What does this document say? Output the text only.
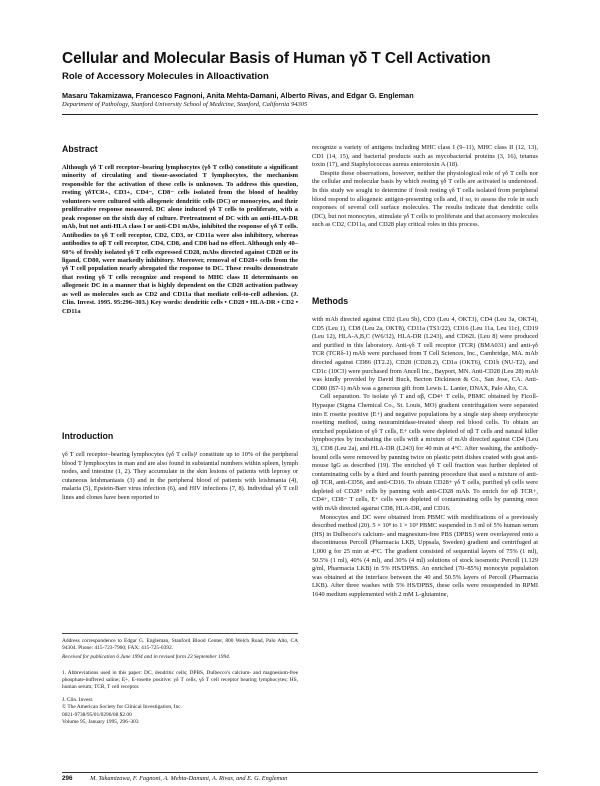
Cellular and Molecular Basis of Human γδ T Cell Activation
Role of Accessory Molecules in Alloactivation
Masaru Takamizawa, Francesco Fagnoni, Anita Mehta-Damani, Alberto Rivas, and Edgar G. Engleman
Department of Pathology, Stanford University School of Medicine, Stanford, California 94305
Abstract

Although γδ T cell receptor–bearing lymphocytes (γδ T cells) constitute a significant minority of circulating and tissue-associated T lymphocytes, the mechanism responsible for the activation of these cells is unknown. To address this question, resting γδTCR+, CD3+, CD4−, CD8− cells isolated from the blood of healthy volunteers were cultured with allogeneic dendritic cells (DC) or monocytes, and their proliferative response measured. DC alone induced γδ T cells to proliferate, with a peak response on the sixth day of culture. Pretreatment of DC with an anti-HLA-DR mAb, but not anti-HLA class I or anti-CD1 mAbs, inhibited the response of γδ T cells. Antibodies to γδ T cell receptor, CD2, CD3, or CD11a were also inhibitory, whereas antibodies to αβ T cell receptor, CD4, CD8, and CD8 had no effect. Although only 40–60% of freshly isolated γδ T cells expressed CD28, mAbs directed against CD28 or its ligand, CD80, were markedly inhibitory. Moreover, removal of CD28+ cells from the γδ T cell population nearly abrogated the response to DC. These results demonstrate that resting γδ T cells recognize and respond to MHC class II determinants on allogeneic DC in a manner that is highly dependent on the CD28 activation pathway as well as molecules such as CD2 and CD11a that mediate cell-to-cell adhesion. (J. Clin. Invest. 1995. 95:296–303.) Key words: dendritic cells • CD28 • HLA-DR • CD2 • CD11a

Introduction

γδ T cell receptor–bearing lymphocytes (γδ T cells)¹ constitute up to 10% of the peripheral blood T lymphocytes in man and are also found in substantial numbers within spleen, lymph nodes, and intestine (1, 2). They accumulate in the skin lesions of patients with leprosy or cutaneous leishmaniasis (3) and in the peripheral blood of patients with leishmania (4), malaria (5), Epstein-Barr virus infection (6), and HIV infections (7, 8). Individual γδ T cell lines and clones have been reported to

Address correspondence to Edgar G. Engleman, Stanford Blood Center, 800 Welch Road, Palo Alto, CA 94304. Phone: 415-723-7960; FAX: 415-725-0392.

Received for publication 6 June 1994 and in revised form 23 September 1994.

1. Abbreviations used in this paper: DC, dendritic cells; DPBS, Dulbecco's calcium- and magnesium-free phosphate-buffered saline; E+, E-rosette positive; γδ T cells, γδ T cell receptor bearing lymphocytes; HS, human serum; TCR, T cell receptor.

J. Clin. Invest.

© The American Society for Clinical Investigation, Inc.

0021-9738/95/01/0296/08 $2.00

Volume 95, January 1995, 296–303

recognize a variety of antigens including MHC class I (9–11), MHC class II (12, 13), CD1 (14, 15), and bacterial products such as mycobacterial proteins (3, 16), tetanus toxin (17), and Staphylococcus aureus enterotoxin A (18).

Despite these observations, however, neither the physiological role of γδ T cells nor the cellular and molecular basis by which resting γδ T cells are activated is understood. In this study we sought to determine if fresh resting γδ T cells isolated from peripheral blood respond to allogeneic antigen-presenting cells and, if so, to assess the role in such responses of several cell surface molecules. The results indicate that dendritic cells (DC), but not monocytes, stimulate γδ T cells to proliferate and that accessory molecules such as CD2, CD11a, and CD28 play critical roles in this process.

Methods

with mAb directed against CD2 (Leu 5b), CD3 (Leu 4, OKT3), CD4 (Leu 3a, OKT4), CD5 (Leu 1), CD8 (Leu 2a, OKT8), CD11a (TS1/22), CD16 (Leu 11a, Leu 11c), CD19 (Leu 12), HLA-A,B,C (W6/32), HLA-DR (L243), and CD62L (Leu 8) were produced and purified in this laboratory. Anti-γδ T cell receptor (TCR) (BMA031) and anti-γδ TCR (TCRδ-1) mAb were purchased from T Cell Sciences, Inc., Cambridge, MA. mAb directed against CD86 (IT2.2), CD28 (CD28.2), CD1a (OKT6), CD1b (NU-T2), and CD1c (10C3) were purchased from Ancell Inc., Bayport, MN. Anti-CD28 (Leu 28) mAb was kindly provided by David Buck, Becton Dickinson & Co., San Jose, CA. Anti-CD80 (B7-1) mAb was a generous gift from Lewis L. Lanier, DNAX, Palo Alto, CA.

Cell separation. To isolate γδ T and αβ, CD4+ T cells, PBMC obtained by Ficoll-Hypaque (Sigma Chemical Co., St. Louis, MO) gradient centrifugation were separated into E rosette positive (E+) and negative populations by a single step sheep erythrocyte rosetting method, using neuraminidase-treated sheep red blood cells. To obtain an enriched population of γδ T cells, E+ cells were depleted of αβ T cells and natural killer lymphocytes by incubating the cells with a mixture of mAb directed against CD4 (Leu 3), CD8 (Leu 2a), and HLA-DR (L243) for 40 min at 4°C. After washing, the antibody-bound cells were removed by panning twice on plastic petri dishes coated with goat anti-mouse IgG as described (19). The enriched γδ T cell fraction was further depleted of contaminating cells by a third and fourth panning procedure that used a mixture of anti-αβ TCR, anti-CD56, and anti-CD16. To obtain CD28+ γδ T cells, purified γδ cells were depleted of CD28+ cells by panning with anti-CD28 mAb. To enrich for αβ TCR+, CD4+, CD8− T cells, E+ cells were depleted of contaminating cells by panning once with mAb directed against CD8, HLA-DR, and CD16.

Monocytes and DC were obtained from PBMC with modifications of a previously described method (20). 5 × 10⁸ to 1 × 10⁹ PBMC suspended in 3 ml of 5% human serum (HS) in Dulbecco's calcium- and magnesium-free PBS (DPBS) were overlayered onto a discontinuous Percoll (Pharmacia LKB, Uppsala, Sweden) gradient and centrifuged at 1,000 g for 25 min at 4°C. The gradient consisted of sequential layers of 75% (1 ml), 50.5% (1 ml), 40% (4 ml), and 30% (4 ml) solutions of stock isosmotic Percoll (1.129 g/ml, Pharmacia LKB) in 5% HS/DPBS. An enriched (70–85%) monocyte population was obtained at the interface between the 40 and 50.5% layers of Percoll (Pharmacia LKB). After three washes with 5% HS/DPBS, these cells were resuspended in RPMI 1640 medium supplemented with 2 mM L-glutamine,

296	M. Takamizawa, F. Fagnoni, A. Mehta-Damani, A. Rivas, and E. G. Engleman
